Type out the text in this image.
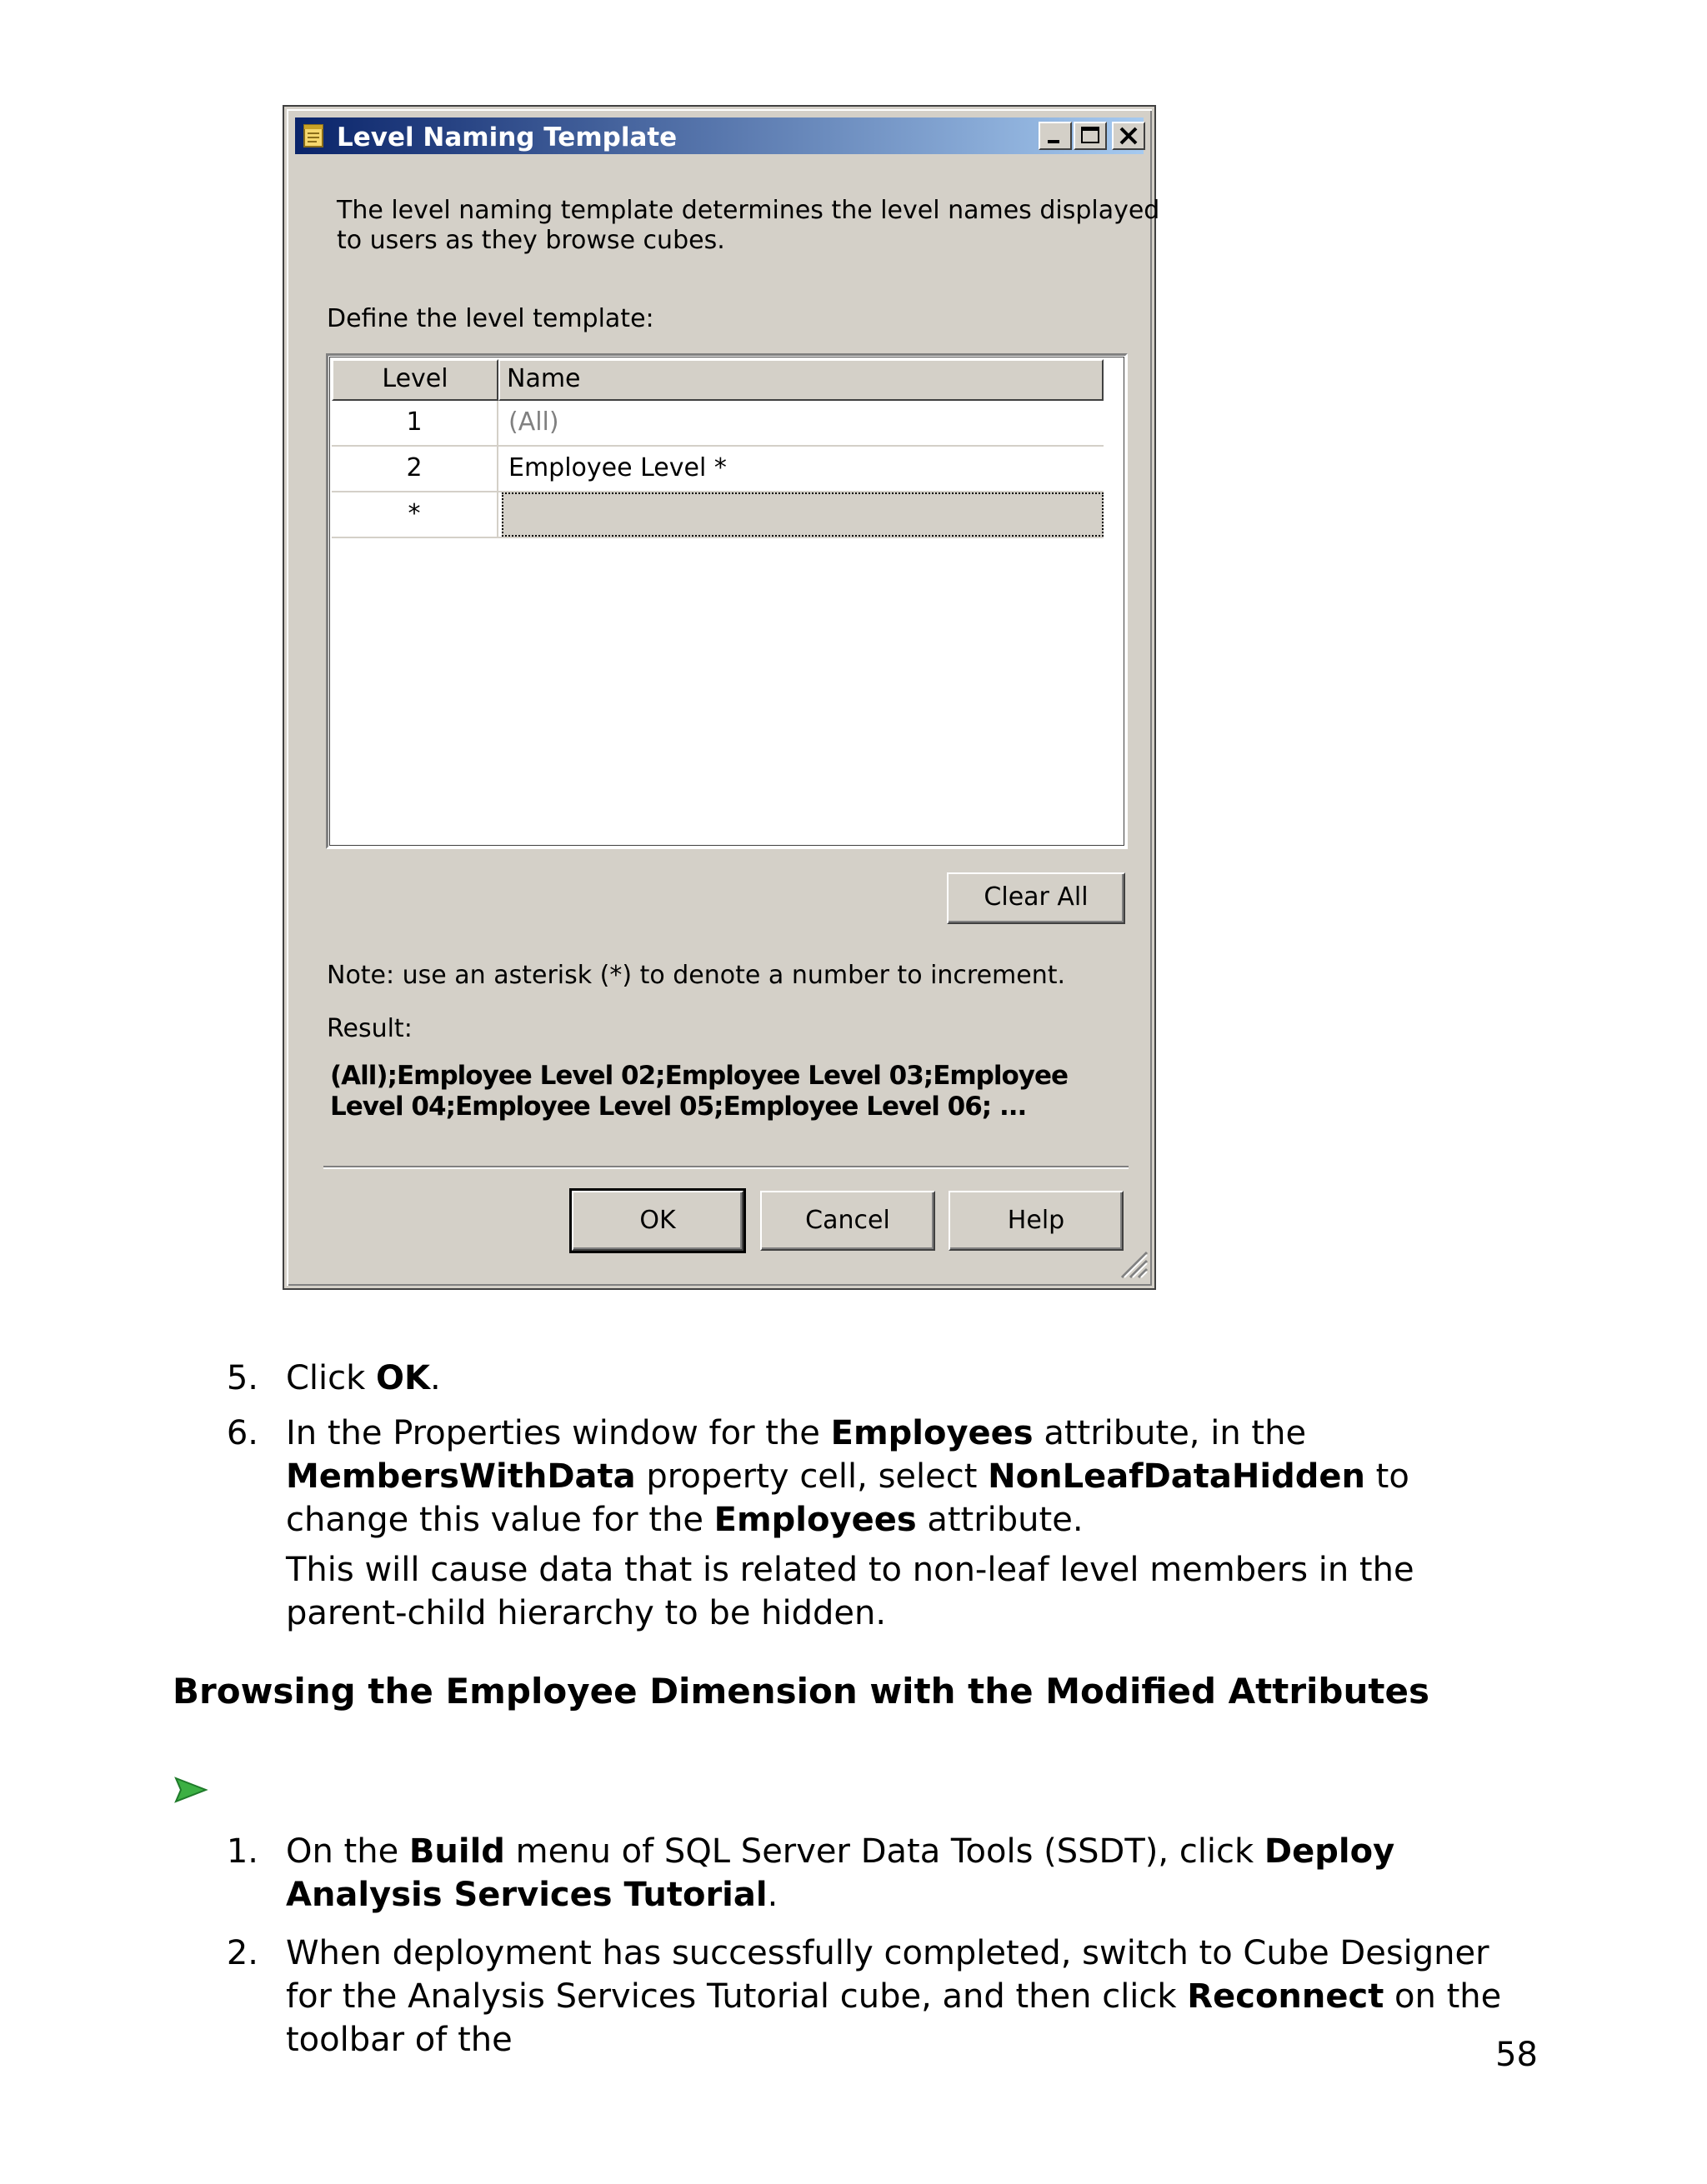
Level Naming Template
The level naming template determines the level names displayed
to users as they browse cubes.
Define the level template:
Level	Name
1	(All)
2	Employee Level *
*
Clear All
Note: use an asterisk (*) to denote a number to increment.
Result:
(All);Employee Level 02;Employee Level 03;Employee Level 04;Employee Level 05;Employee Level 06; ...
OK	Cancel	Help
5. Click OK.
6. In the Properties window for the Employees attribute, in the MembersWithData property cell, select NonLeafDataHidden to change this value for the Employees attribute.
This will cause data that is related to non-leaf level members in the parent-child hierarchy to be hidden.
Browsing the Employee Dimension with the Modified Attributes
1. On the Build menu of SQL Server Data Tools (SSDT), click Deploy Analysis Services Tutorial.
2. When deployment has successfully completed, switch to Cube Designer for the Analysis Services Tutorial cube, and then click Reconnect on the toolbar of the	58
